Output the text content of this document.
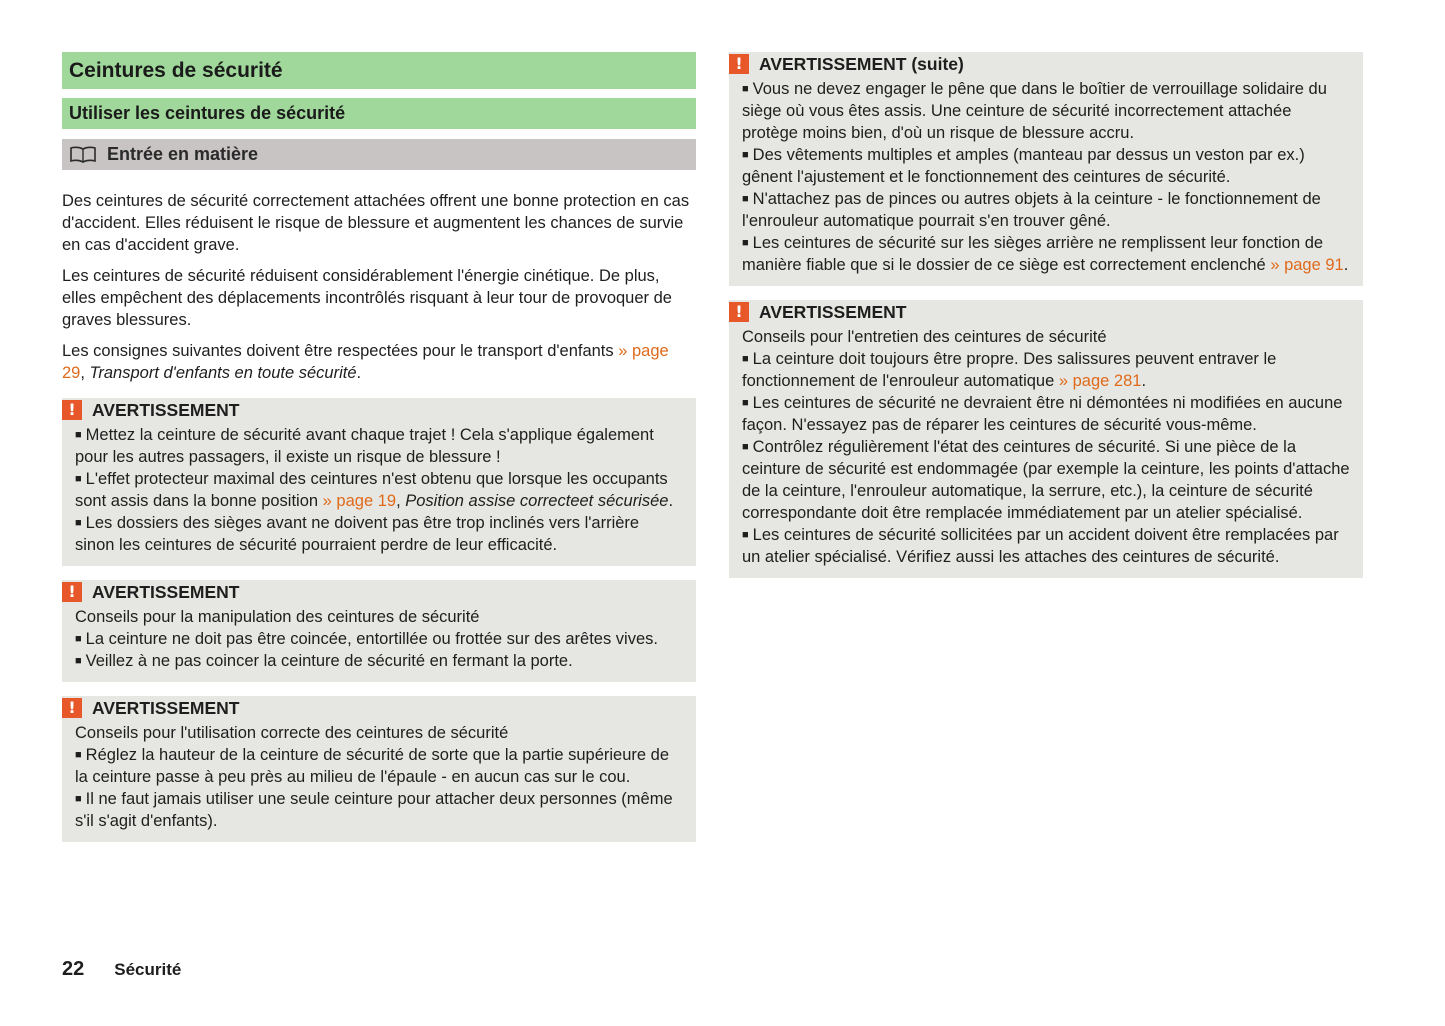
Ceintures de sécurité
Utiliser les ceintures de sécurité
Entrée en matière

Des ceintures de sécurité correctement attachées offrent une bonne protection en cas d'accident. Elles réduisent le risque de blessure et augmentent les chances de survie en cas d'accident grave.

Les ceintures de sécurité réduisent considérablement l'énergie cinétique. De plus, elles empêchent des déplacements incontrôlés risquant à leur tour de provoquer de graves blessures.

Les consignes suivantes doivent être respectées pour le transport d'enfants » page 29, Transport d'enfants en toute sécurité.

! AVERTISSEMENT

■ Mettez la ceinture de sécurité avant chaque trajet ! Cela s'applique également pour les autres passagers, il existe un risque de blessure !

■ L'effet protecteur maximal des ceintures n'est obtenu que lorsque les occupants sont assis dans la bonne position » page 19, Position assise correcteet sécurisée.

■ Les dossiers des sièges avant ne doivent pas être trop inclinés vers l'arrière sinon les ceintures de sécurité pourraient perdre de leur efficacité.

! AVERTISSEMENT

Conseils pour la manipulation des ceintures de sécurité

■ La ceinture ne doit pas être coincée, entortillée ou frottée sur des arêtes vives.

■ Veillez à ne pas coincer la ceinture de sécurité en fermant la porte.

! AVERTISSEMENT

Conseils pour l'utilisation correcte des ceintures de sécurité

■ Réglez la hauteur de la ceinture de sécurité de sorte que la partie supérieure de la ceinture passe à peu près au milieu de l'épaule - en aucun cas sur le cou.

■ Il ne faut jamais utiliser une seule ceinture pour attacher deux personnes (même s'il s'agit d'enfants).

! AVERTISSEMENT (suite)

■ Vous ne devez engager le pêne que dans le boîtier de verrouillage solidaire du siège où vous êtes assis. Une ceinture de sécurité incorrectement attachée protège moins bien, d'où un risque de blessure accru.

■ Des vêtements multiples et amples (manteau par dessus un veston par ex.) gênent l'ajustement et le fonctionnement des ceintures de sécurité.

■ N'attachez pas de pinces ou autres objets à la ceinture - le fonctionnement de l'enrouleur automatique pourrait s'en trouver gêné.

■ Les ceintures de sécurité sur les sièges arrière ne remplissent leur fonction de manière fiable que si le dossier de ce siège est correctement enclenché » page 91.

! AVERTISSEMENT

Conseils pour l'entretien des ceintures de sécurité

■ La ceinture doit toujours être propre. Des salissures peuvent entraver le fonctionnement de l'enrouleur automatique » page 281.

■ Les ceintures de sécurité ne devraient être ni démontées ni modifiées en aucune façon. N'essayez pas de réparer les ceintures de sécurité vous-même.

■ Contrôlez régulièrement l'état des ceintures de sécurité. Si une pièce de la ceinture de sécurité est endommagée (par exemple la ceinture, les points d'attache de la ceinture, l'enrouleur automatique, la serrure, etc.), la ceinture de sécurité correspondante doit être remplacée immédiatement par un atelier spécialisé.

■ Les ceintures de sécurité sollicitées par un accident doivent être remplacées par un atelier spécialisé. Vérifiez aussi les attaches des ceintures de sécurité.

22 Sécurité
